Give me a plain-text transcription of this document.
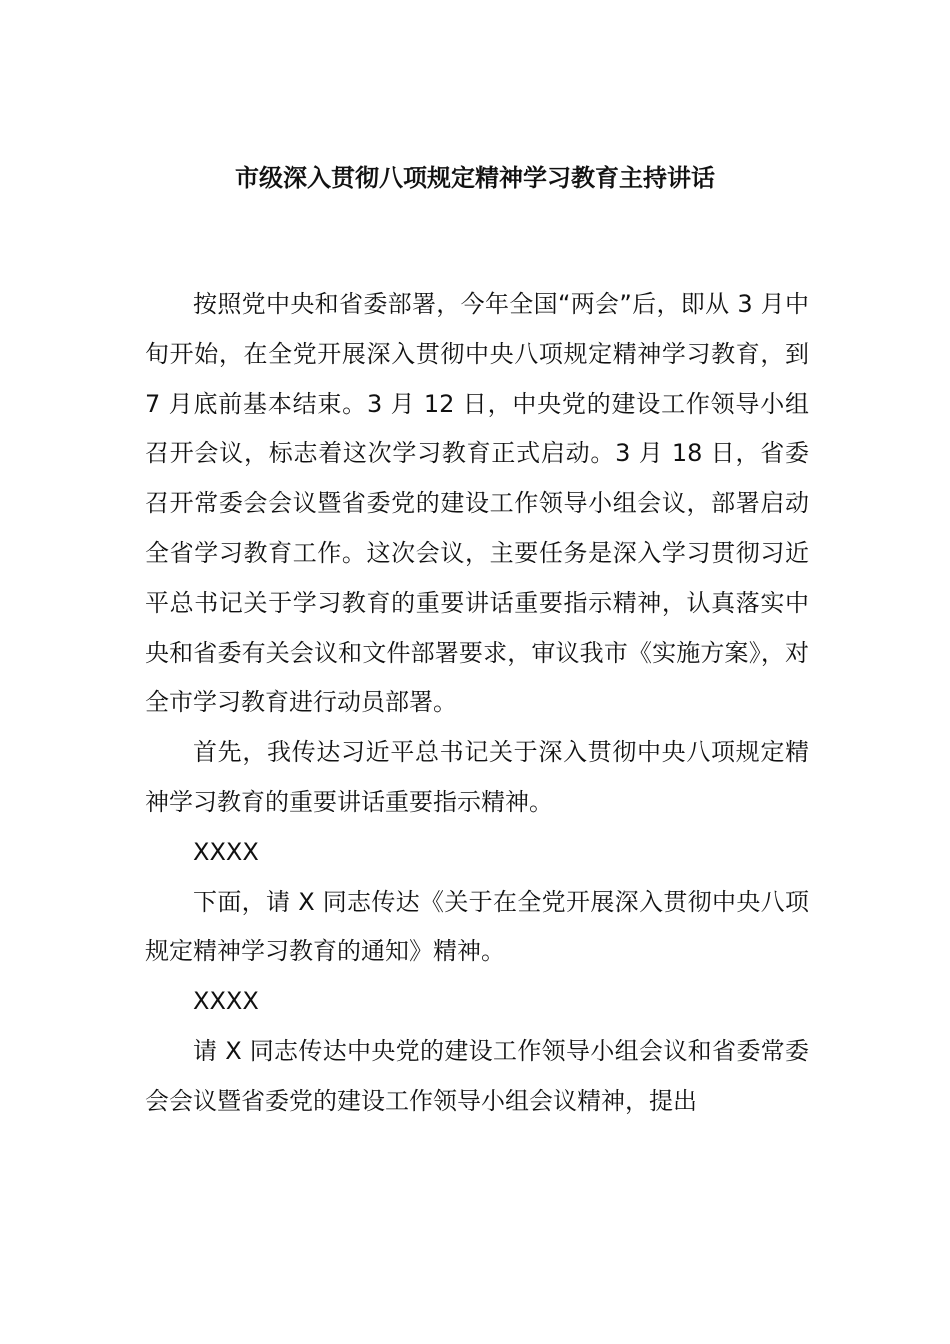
市级深入贯彻八项规定精神学习教育主持讲话

按照党中央和省委部署，今年全国“两会”后，即从 3 月中旬开始，在全党开展深入贯彻中央八项规定精神学习教育，到 7 月底前基本结束。3 月 12 日，中央党的建设工作领导小组召开会议，标志着这次学习教育正式启动。3 月 18 日，省委召开常委会会议暨省委党的建设工作领导小组会议，部署启动全省学习教育工作。这次会议，主要任务是深入学习贯彻习近平总书记关于学习教育的重要讲话重要指示精神，认真落实中央和省委有关会议和文件部署要求，审议我市《实施方案》，对全市学习教育进行动员部署。

首先，我传达习近平总书记关于深入贯彻中央八项规定精神学习教育的重要讲话重要指示精神。

XXXX

下面，请 X 同志传达《关于在全党开展深入贯彻中央八项规定精神学习教育的通知》精神。

XXXX

请 X 同志传达中央党的建设工作领导小组会议和省委常委会会议暨省委党的建设工作领导小组会议精神，提出
